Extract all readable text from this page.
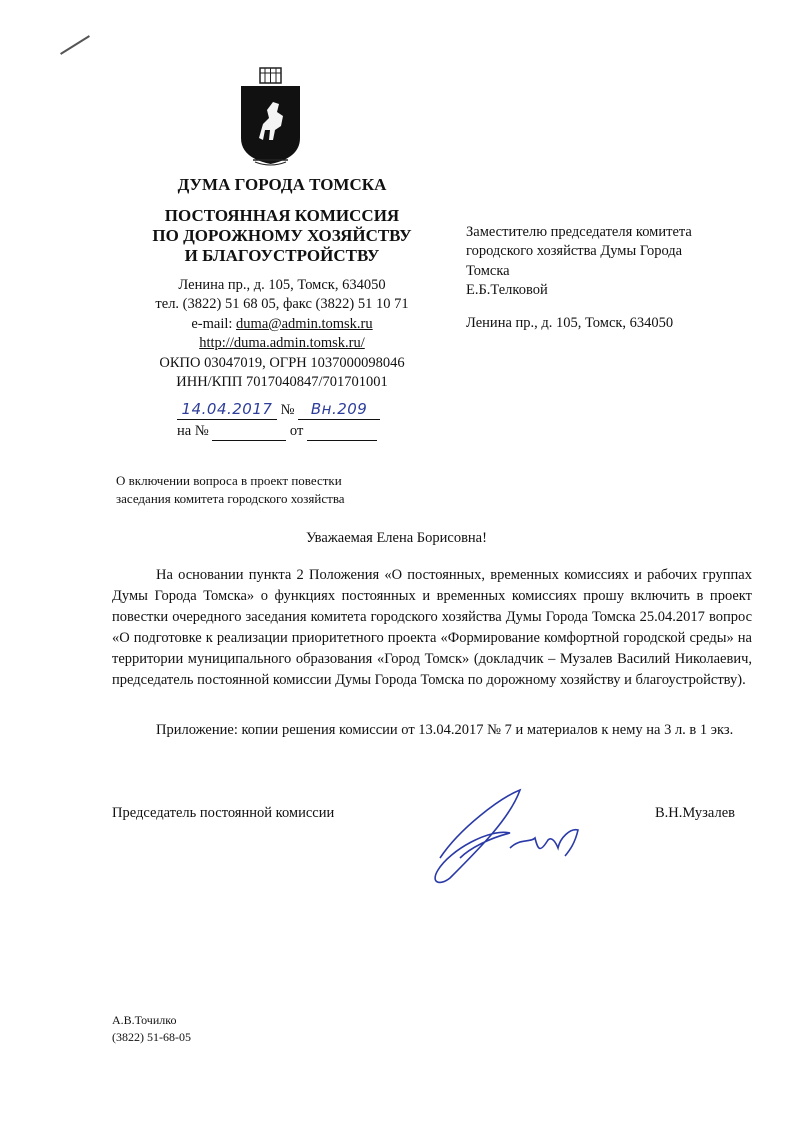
ДУМА ГОРОДА ТОМСКА
ПОСТОЯННАЯ КОМИССИЯ
ПО ДОРОЖНОМУ ХОЗЯЙСТВУ
И БЛАГОУСТРОЙСТВУ
Ленина пр., д. 105, Томск, 634050
тел. (3822) 51 68 05, факс (3822) 51 10 71
e-mail: duma@admin.tomsk.ru
http://duma.admin.tomsk.ru/
ОКПО 03047019, ОГРН 1037000098046
ИНН/КПП 7017040847/701701001
14.04.2017 № Вн.209
на №	от
Заместителю председателя комитета
городского хозяйства Думы Города
Томска
Е.Б.Телковой
Ленина пр., д. 105, Томск, 634050
О включении вопроса в проект повестки
заседания комитета городского хозяйства
Уважаемая Елена Борисовна!
На основании пункта 2 Положения «О постоянных, временных комиссиях и рабочих группах Думы Города Томска» о функциях постоянных и временных комиссиях прошу включить в проект повестки очередного заседания комитета городского хозяйства Думы Города Томска 25.04.2017 вопрос «О подготовке к реализации приоритетного проекта «Формирование комфортной городской среды» на территории муниципального образования «Город Томск» (докладчик – Музалев Василий Николаевич, председатель постоянной комиссии Думы Города Томска по дорожному хозяйству и благоустройству).
Приложение: копии решения комиссии от 13.04.2017 № 7 и материалов к нему на 3 л. в 1 экз.
Председатель постоянной комиссии	В.Н.Музалев
А.В.Точилко
(3822) 51-68-05
